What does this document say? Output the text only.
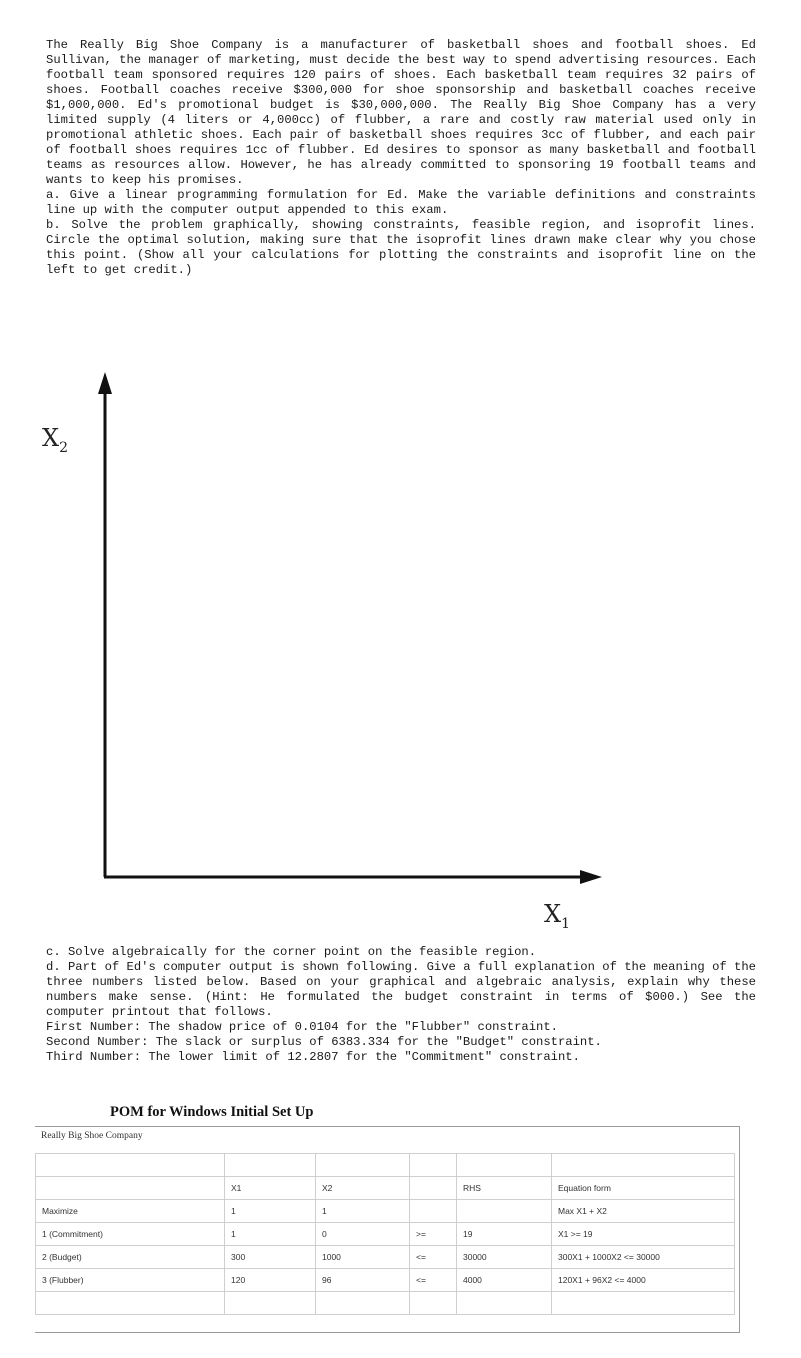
The Really Big Shoe Company is a manufacturer of basketball shoes and football shoes. Ed Sullivan, the manager of marketing, must decide the best way to spend advertising resources. Each football team sponsored requires 120 pairs of shoes. Each basketball team requires 32 pairs of shoes. Football coaches receive $300,000 for shoe sponsorship and basketball coaches receive $1,000,000. Ed's promotional budget is $30,000,000. The Really Big Shoe Company has a very limited supply (4 liters or 4,000cc) of flubber, a rare and costly raw material used only in promotional athletic shoes. Each pair of basketball shoes requires 3cc of flubber, and each pair of football shoes requires 1cc of flubber. Ed desires to sponsor as many basketball and football teams as resources allow. However, he has already committed to sponsoring 19 football teams and wants to keep his promises.

a. Give a linear programming formulation for Ed. Make the variable definitions and constraints line up with the computer output appended to this exam.

b. Solve the problem graphically, showing constraints, feasible region, and isoprofit lines. Circle the optimal solution, making sure that the isoprofit lines drawn make clear why you chose this point. (Show all your calculations for plotting the constraints and isoprofit line on the left to get credit.)

$X_2$
$X_1$

c. Solve algebraically for the corner point on the feasible region.

d. Part of Ed's computer output is shown following. Give a full explanation of the meaning of the three numbers listed below. Based on your graphical and algebraic analysis, explain why these numbers make sense. (Hint: He formulated the budget constraint in terms of $000.) See the computer printout that follows.

First Number: The shadow price of 0.0104 for the "Flubber" constraint.

Second Number: The slack or surplus of 6383.334 for the "Budget" constraint.

Third Number: The lower limit of 12.2807 for the "Commitment" constraint.

POM for Windows Initial Set Up
Really Big Shoe Company

	X1	X2		RHS	Equation form
Maximize	1	1			Max X1 + X2
1 (Commitment)	1	0	>=	19	X1 >= 19
2 (Budget)	300	1000	<=	30000	300X1 + 1000X2 <= 30000
3 (Flubber)	120	96	<=	4000	120X1 + 96X2 <= 4000
